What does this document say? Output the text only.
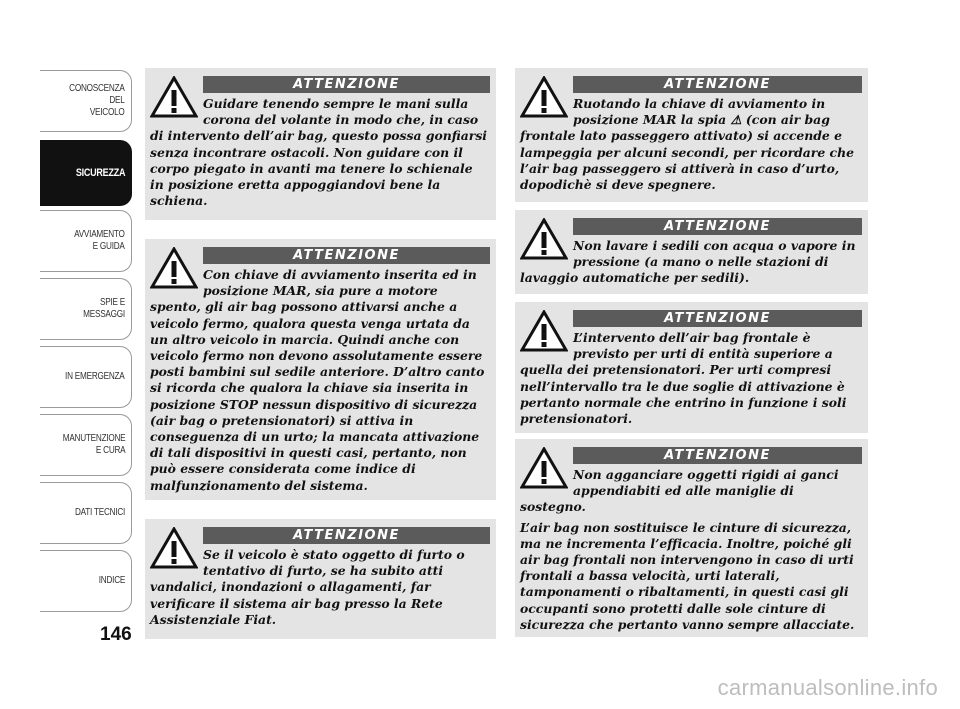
CONOSCENZA
DEL
VEICOLO
SICUREZZA
AVVIAMENTO
E GUIDA
SPIE E
MESSAGGI
IN EMERGENZA
MANUTENZIONE
E CURA
DATI TECNICI
INDICE
146
ATTENZIONE

Guidare tenendo sempre le mani sulla corona del volante in modo che, in caso di intervento dell’air bag, questo possa gonfiarsi senza incontrare ostacoli. Non guidare con il corpo piegato in avanti ma tenere lo schienale in posizione eretta appoggiandovi bene la schiena.

ATTENZIONE

Con chiave di avviamento inserita ed in posizione MAR, sia pure a motore spento, gli air bag possono attivarsi anche a veicolo fermo, qualora questa venga urtata da un altro veicolo in marcia. Quindi anche con veicolo fermo non devono assolutamente essere posti bambini sul sedile anteriore. D’altro canto si ricorda che qualora la chiave sia inserita in posizione STOP nessun dispositivo di sicurezza (air bag o pretensionatori) si attiva in conseguenza di un urto; la mancata attivazione di tali dispositivi in questi casi, pertanto, non può essere considerata come indice di malfunzionamento del sistema.

ATTENZIONE

Se il veicolo è stato oggetto di furto o tentativo di furto, se ha subito atti vandalici, inondazioni o allagamenti, far verificare il sistema air bag presso la Rete Assistenziale Fiat.

ATTENZIONE

Ruotando la chiave di avviamento in posizione MAR la spia ⚠ (con air bag frontale lato passeggero attivato) si accende e lampeggia per alcuni secondi, per ricordare che l’air bag passeggero si attiverà in caso d’urto, dopodichè si deve spegnere.

ATTENZIONE

Non lavare i sedili con acqua o vapore in pressione (a mano o nelle stazioni di lavaggio automatiche per sedili).

ATTENZIONE

L’intervento dell’air bag frontale è previsto per urti di entità superiore a quella dei pretensionatori. Per urti compresi nell’intervallo tra le due soglie di attivazione è pertanto normale che entrino in funzione i soli pretensionatori.

ATTENZIONE

Non agganciare oggetti rigidi ai ganci appendiabiti ed alle maniglie di sostegno.

L’air bag non sostituisce le cinture di sicurezza, ma ne incrementa l’efficacia. Inoltre, poiché gli air bag frontali non intervengono in caso di urti frontali a bassa velocità, urti laterali, tamponamenti o ribaltamenti, in questi casi gli occupanti sono protetti dalle sole cinture di sicurezza che pertanto vanno sempre allacciate.

carmanualsonline.info
